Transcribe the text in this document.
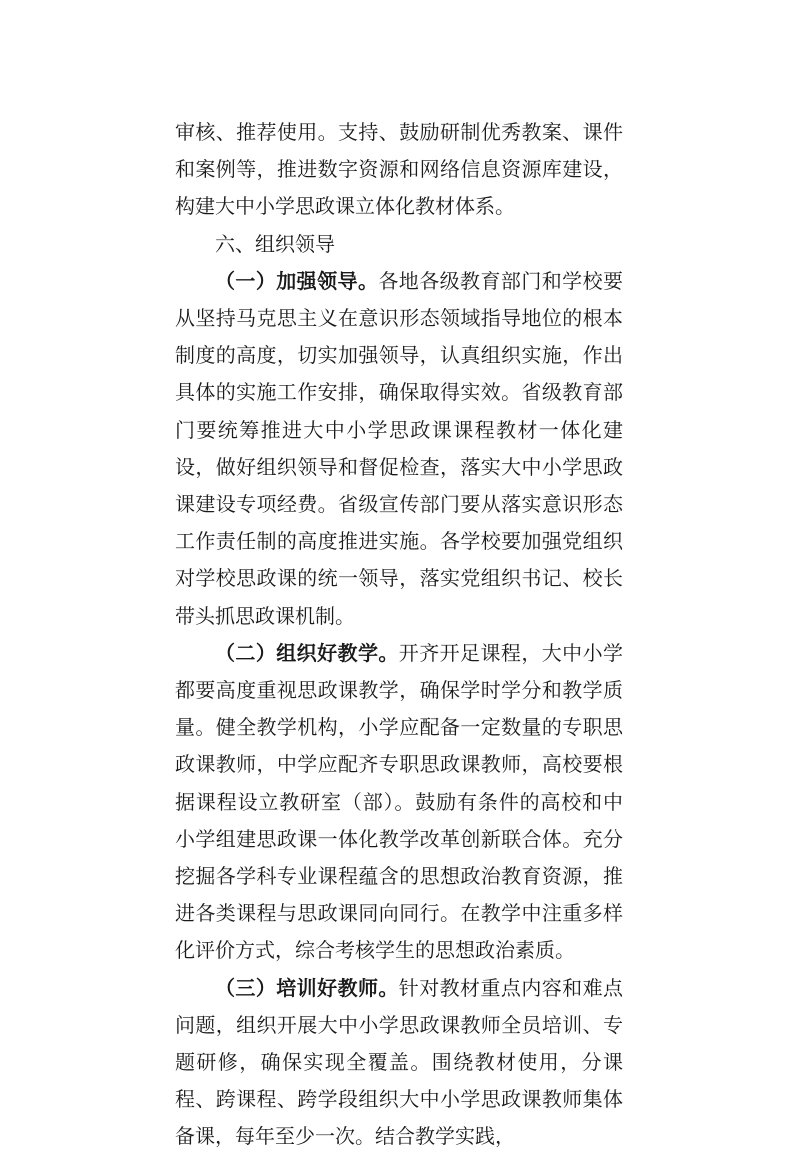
审核、推荐使用。支持、鼓励研制优秀教案、课件和案例等，推进数字资源和网络信息资源库建设，构建大中小学思政课立体化教材体系。

六、组织领导

（一）加强领导。各地各级教育部门和学校要从坚持马克思主义在意识形态领域指导地位的根本制度的高度，切实加强领导，认真组织实施，作出具体的实施工作安排，确保取得实效。省级教育部门要统筹推进大中小学思政课课程教材一体化建设，做好组织领导和督促检查，落实大中小学思政课建设专项经费。省级宣传部门要从落实意识形态工作责任制的高度推进实施。各学校要加强党组织对学校思政课的统一领导，落实党组织书记、校长带头抓思政课机制。

（二）组织好教学。开齐开足课程，大中小学都要高度重视思政课教学，确保学时学分和教学质量。健全教学机构，小学应配备一定数量的专职思政课教师，中学应配齐专职思政课教师，高校要根据课程设立教研室（部）。鼓励有条件的高校和中小学组建思政课一体化教学改革创新联合体。充分挖掘各学科专业课程蕴含的思想政治教育资源，推进各类课程与思政课同向同行。在教学中注重多样化评价方式，综合考核学生的思想政治素质。

（三）培训好教师。针对教材重点内容和难点问题，组织开展大中小学思政课教师全员培训、专题研修，确保实现全覆盖。围绕教材使用，分课程、跨课程、跨学段组织大中小学思政课教师集体备课，每年至少一次。结合教学实践，
